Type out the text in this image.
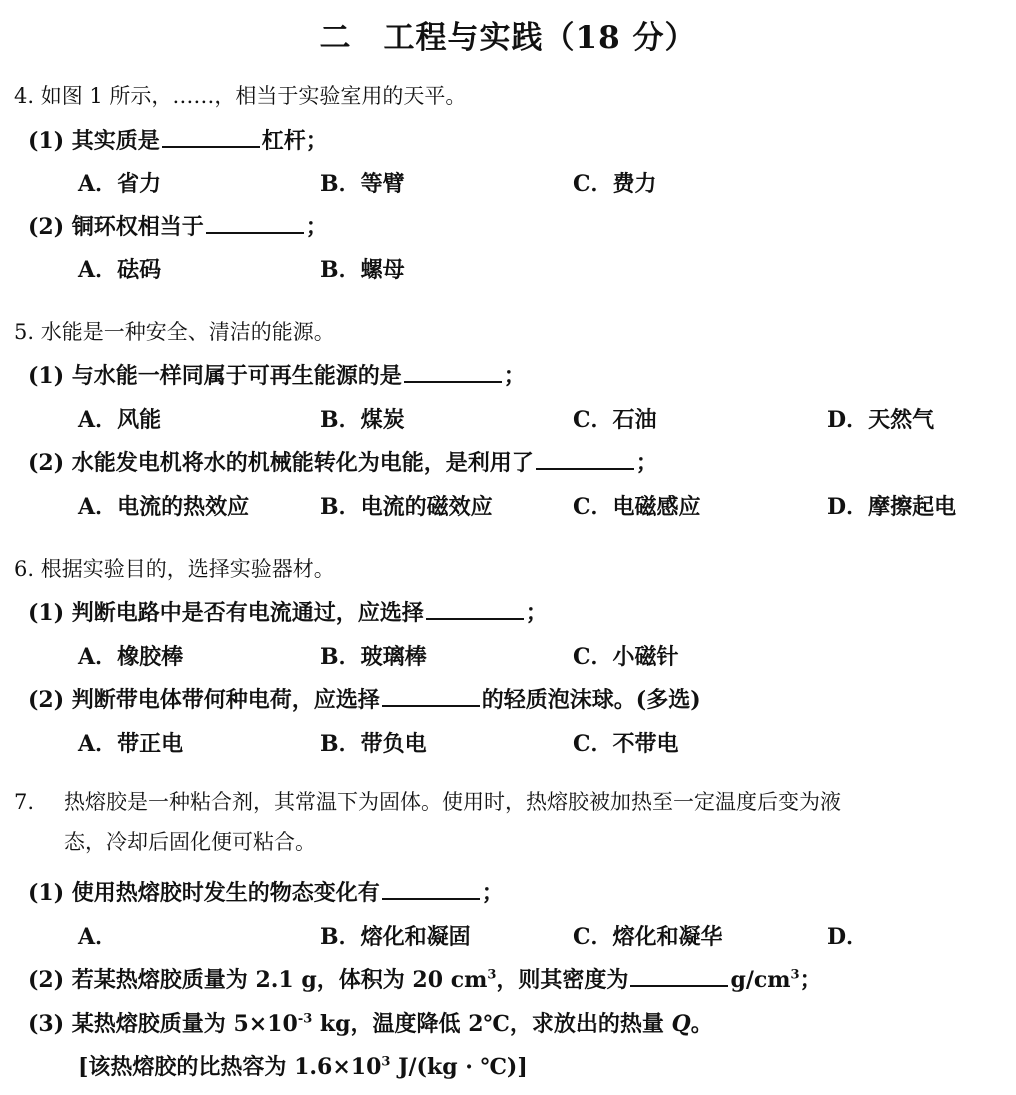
二　工程与实践（18 分）
4. 如图 1 所示，……，相当于实验室用的天平。
(1) 其实质是	杠杆；
A．省力	B．等臂	C．费力
(2) 铜环权相当于	；
A．砝码	B．螺母
5. 水能是一种安全、清洁的能源。
(1) 与水能一样同属于可再生能源的是	；
A．风能	B．煤炭	C．石油	D．天然气
(2) 水能发电机将水的机械能转化为电能，是利用了	；
A．电流的热效应	B．电流的磁效应	C．电磁感应	D．摩擦起电
6. 根据实验目的，选择实验器材。
(1) 判断电路中是否有电流通过，应选择	；
A．橡胶棒	B．玻璃棒	C．小磁针
(2) 判断带电体带何种电荷，应选择	的轻质泡沫球。(多选)
A．带正电	B．带负电	C．不带电
7. 热熔胶是一种粘合剂，其常温下为固体。使用时，热熔胶被加热至一定温度后变为液
态，冷却后固化便可粘合。
(1) 使用热熔胶时发生的物态变化有	；
A．	B．熔化和凝固	C．熔化和凝华	D．
(2) 若某热熔胶质量为 2.1 g，体积为 20 $cm^3$，则其密度为	$g/cm^3$；
(3) 某热熔胶质量为 $5\times 10^{-3}$ kg，温度降低 2℃，求放出的热量 Q。
[该热熔胶的比热容为 $1.6\times 10^3$ J/(kg · ℃)]
